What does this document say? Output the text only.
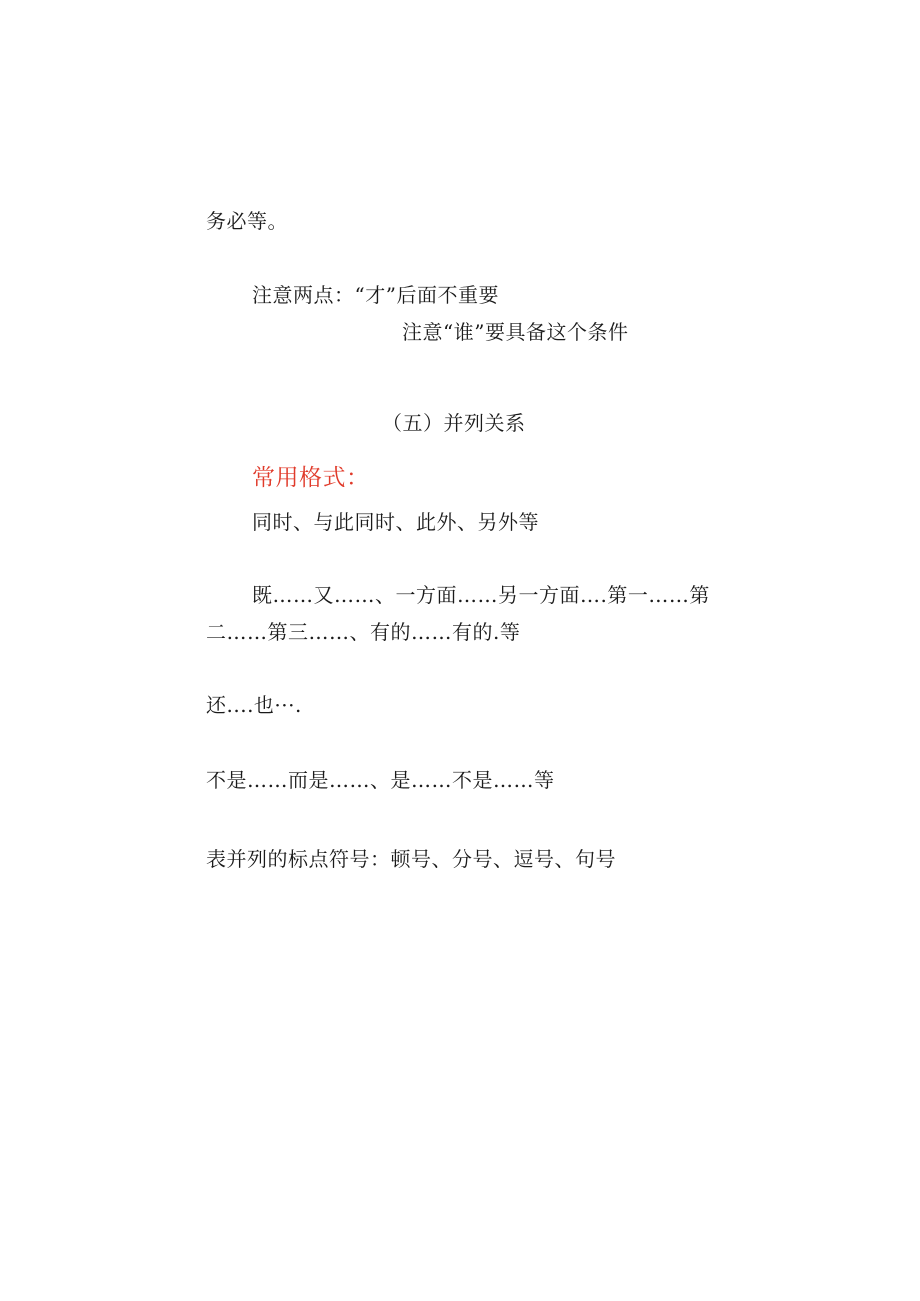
务必等。
注意两点：“才”后面不重要
注意“谁”要具备这个条件
（五）并列关系
常用格式：
同时、与此同时、此外、另外等
既……又……、一方面……另一方面….第一……第
二……第三……、有的……有的.等
还....也···.
不是……而是……、是……不是……等
表并列的标点符号：顿号、分号、逗号、句号
